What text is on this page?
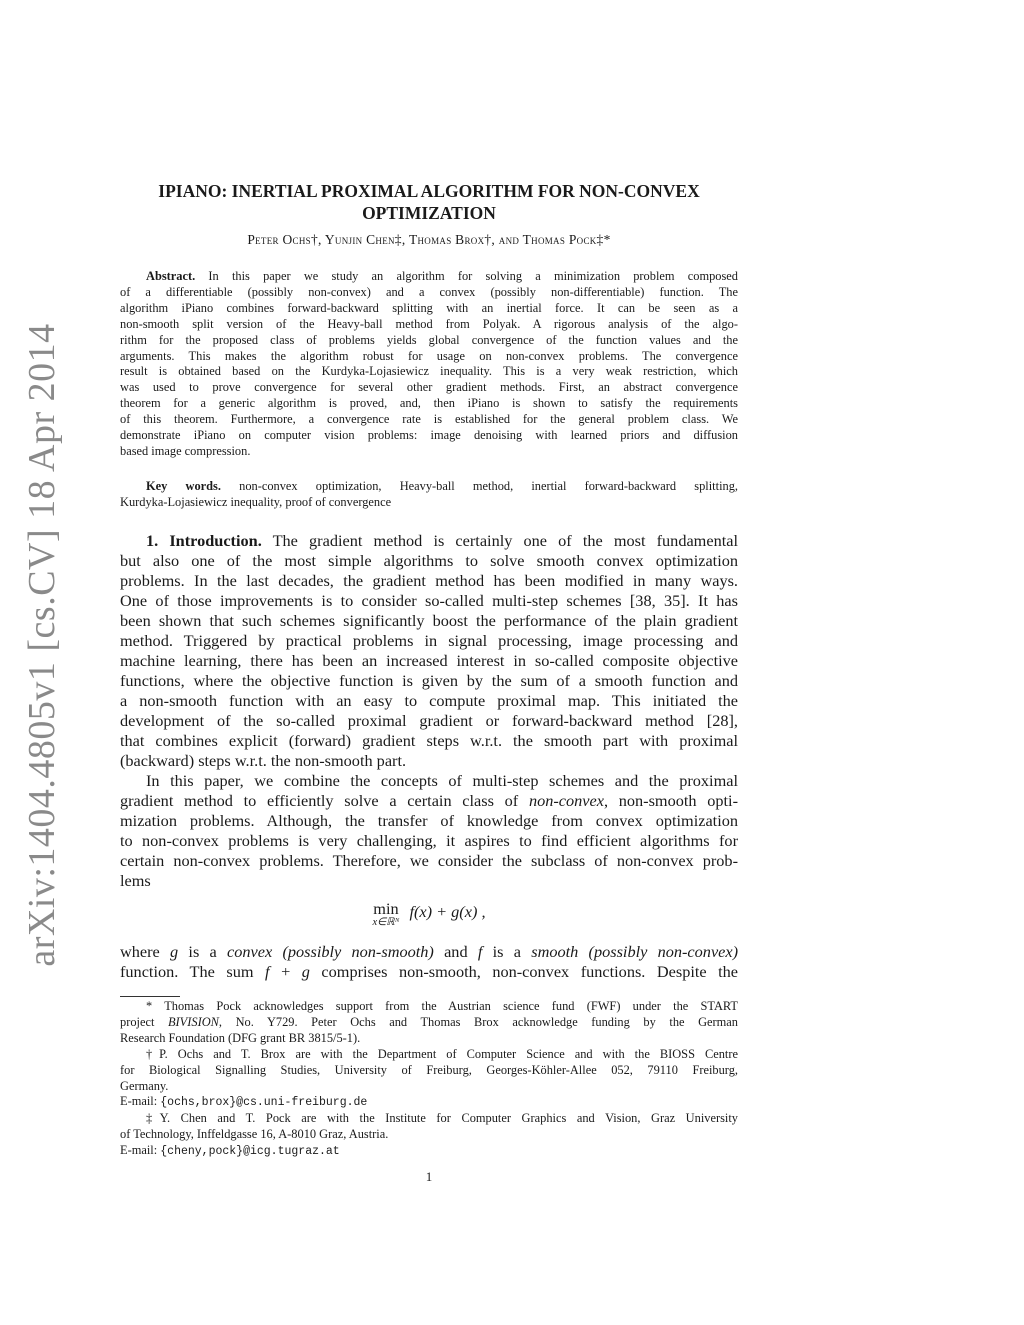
arXiv:1404.4805v1 [cs.CV] 18 Apr 2014
IPIANO: INERTIAL PROXIMAL ALGORITHM FOR NON-CONVEX
OPTIMIZATION
Peter Ochs†, Yunjin Chen‡, Thomas Brox†, and Thomas Pock‡*
Abstract. In this paper we study an algorithm for solving a minimization problem composed
of a differentiable (possibly non-convex) and a convex (possibly non-differentiable) function. The
algorithm iPiano combines forward-backward splitting with an inertial force. It can be seen as a
non-smooth split version of the Heavy-ball method from Polyak. A rigorous analysis of the algo-
rithm for the proposed class of problems yields global convergence of the function values and the
arguments. This makes the algorithm robust for usage on non-convex problems. The convergence
result is obtained based on the Kurdyka-Lojasiewicz inequality. This is a very weak restriction, which
was used to prove convergence for several other gradient methods. First, an abstract convergence
theorem for a generic algorithm is proved, and, then iPiano is shown to satisfy the requirements
of this theorem. Furthermore, a convergence rate is established for the general problem class. We
demonstrate iPiano on computer vision problems: image denoising with learned priors and diffusion
based image compression.
Key words. non-convex optimization, Heavy-ball method, inertial forward-backward splitting,
Kurdyka-Lojasiewicz inequality, proof of convergence
1. Introduction. The gradient method is certainly one of the most fundamental
but also one of the most simple algorithms to solve smooth convex optimization
problems. In the last decades, the gradient method has been modified in many ways.
One of those improvements is to consider so-called multi-step schemes [38, 35]. It has
been shown that such schemes significantly boost the performance of the plain gradient
method. Triggered by practical problems in signal processing, image processing and
machine learning, there has been an increased interest in so-called composite objective
functions, where the objective function is given by the sum of a smooth function and
a non-smooth function with an easy to compute proximal map. This initiated the
development of the so-called proximal gradient or forward-backward method [28],
that combines explicit (forward) gradient steps w.r.t. the smooth part with proximal
(backward) steps w.r.t. the non-smooth part.
In this paper, we combine the concepts of multi-step schemes and the proximal
gradient method to efficiently solve a certain class of non-convex, non-smooth opti-
mization problems. Although, the transfer of knowledge from convex optimization
to non-convex problems is very challenging, it aspires to find efficient algorithms for
certain non-convex problems. Therefore, we consider the subclass of non-convex prob-
lems
min
x∈ℝᴺ
f(x) + g(x) ,
where g is a convex (possibly non-smooth) and f is a smooth (possibly non-convex)
function. The sum f + g comprises non-smooth, non-convex functions. Despite the
* Thomas Pock acknowledges support from the Austrian science fund (FWF) under the START
project BIVISION, No. Y729. Peter Ochs and Thomas Brox acknowledge funding by the German
Research Foundation (DFG grant BR 3815/5-1).
†P. Ochs and T. Brox are with the Department of Computer Science and with the BIOSS Centre
for Biological Signalling Studies, University of Freiburg, Georges-Köhler-Allee 052, 79110 Freiburg,
Germany.
E-mail: {ochs,brox}@cs.uni-freiburg.de
‡Y. Chen and T. Pock are with the Institute for Computer Graphics and Vision, Graz University
of Technology, Inffeldgasse 16, A-8010 Graz, Austria.
E-mail: {cheny,pock}@icg.tugraz.at
1
